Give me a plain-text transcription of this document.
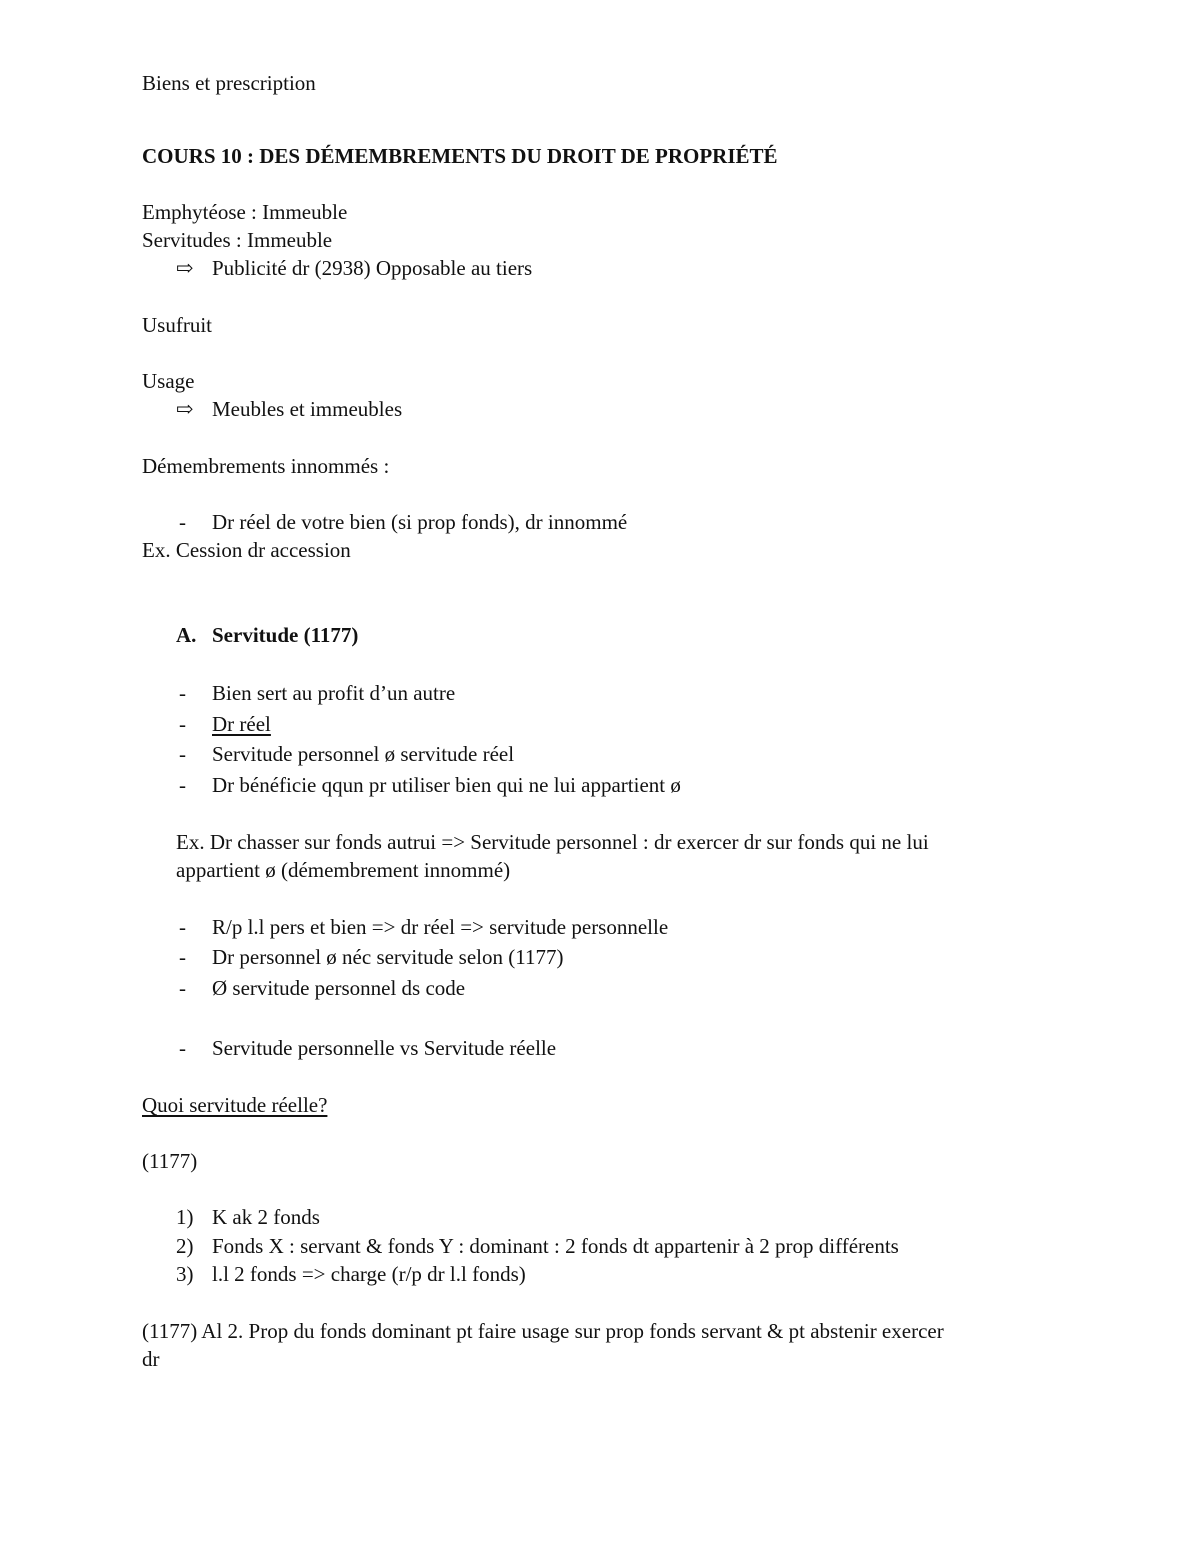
Biens et prescription
COURS 10 : DES DÉMEMBREMENTS DU DROIT DE PROPRIÉTÉ
Emphytéose : Immeuble
Servitudes : Immeuble
⇨ Publicité dr (2938) Opposable au tiers
Usufruit
Usage
⇨ Meubles et immeubles
Démembrements innommés :
- Dr réel de votre bien (si prop fonds), dr innommé
Ex. Cession dr accession
A. Servitude (1177)
- Bien sert au profit d’un autre
- Dr réel
- Servitude personnel ø servitude réel
- Dr bénéficie qqun pr utiliser bien qui ne lui appartient ø
Ex. Dr chasser sur fonds autrui => Servitude personnel : dr exercer dr sur fonds qui ne lui
appartient ø (démembrement innommé)
- R/p l.l pers et bien => dr réel => servitude personnelle
- Dr personnel ø néc servitude selon (1177)
- Ø servitude personnel ds code
- Servitude personnelle vs Servitude réelle
Quoi servitude réelle?
(1177)
1) K ak 2 fonds
2) Fonds X : servant & fonds Y : dominant : 2 fonds dt appartenir à 2 prop différents
3) l.l 2 fonds => charge (r/p dr l.l fonds)
(1177) Al 2. Prop du fonds dominant pt faire usage sur prop fonds servant & pt abstenir exercer
dr
